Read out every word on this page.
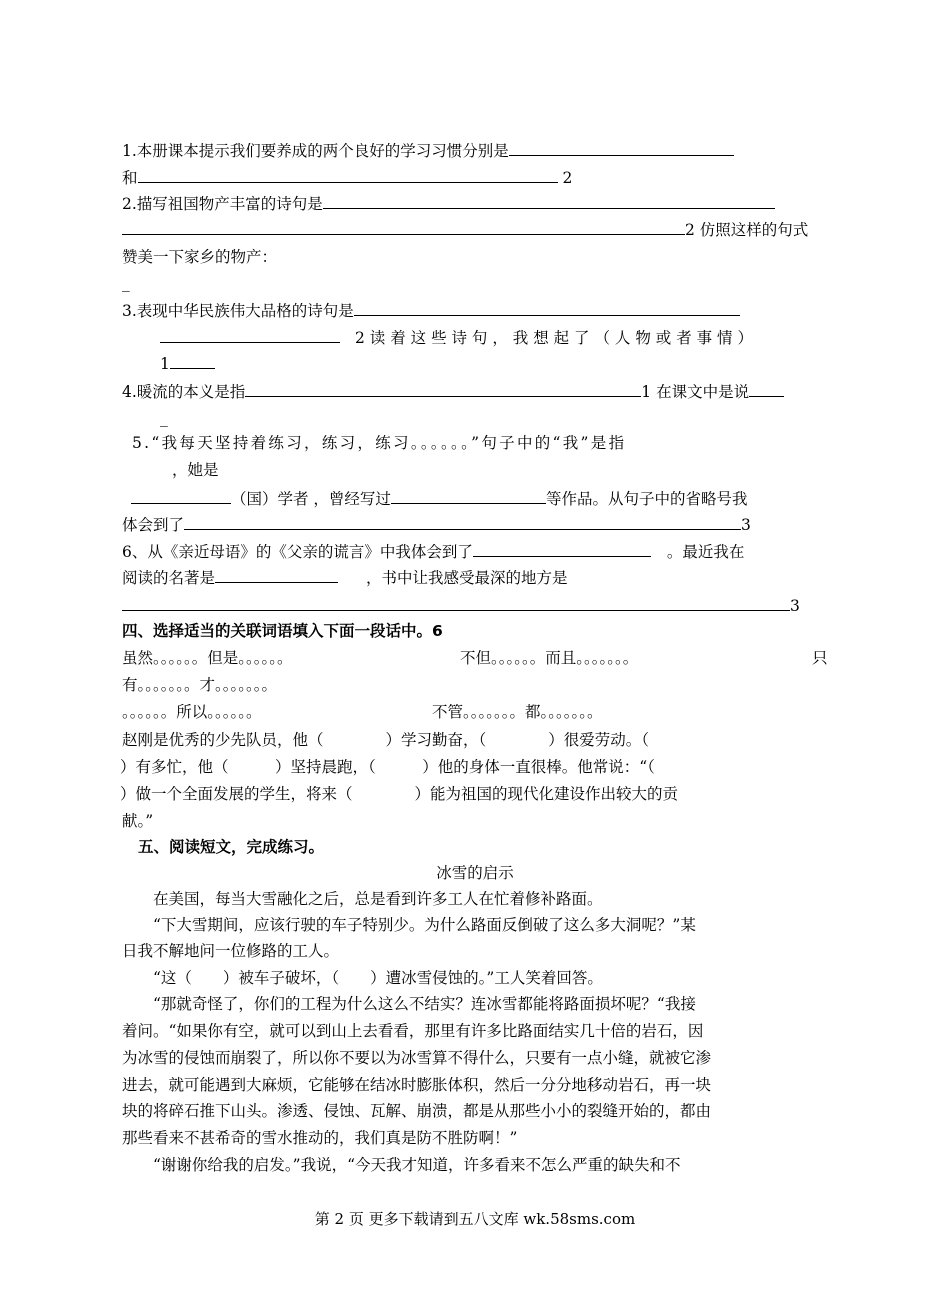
1.本册课本提示我们要养成的两个良好的学习习惯分别是
和	2
2.描写祖国物产丰富的诗句是
2 仿照这样的句式
赞美一下家乡的物产：
_
3.表现中华民族伟大品格的诗句是
2 读 着 这 些 诗 句 ， 我 想 起 了 （ 人 物 或 者 事 情 ）
1
4.暖流的本义是指	1 在课文中是说
_
5.“我每天坚持着练习，练习，练习。。。。。。”句子中的“我”是指
，她是
（国）学者 ，曾经写过	等作品。从句子中的省略号我
体会到了	3
6、从《亲近母语》的《父亲的谎言》中我体会到了	。最近我在
阅读的名著是	，书中让我感受最深的地方是
3
四、选择适当的关联词语填入下面一段话中。6
虽然。。。。。。但是。。。。。。	不但。。。。。。而且。。。。。。。	只
有。。。。。。。才。。。。。。。
。。。。。。所以。。。。。。	不管。。。。。。。都。。。。。。。
赵刚是优秀的少先队员，他（　　　　）学习勤奋，（　　　　）很爱劳动。（
）有多忙，他（　　　）坚持晨跑，（　　　）他的身体一直很棒。他常说：“（
）做一个全面发展的学生，将来（　　　　）能为祖国的现代化建设作出较大的贡
献。”
五、阅读短文，完成练习。
冰雪的启示
在美国，每当大雪融化之后，总是看到许多工人在忙着修补路面。
“下大雪期间，应该行驶的车子特别少。为什么路面反倒破了这么多大洞呢？”某
日我不解地问一位修路的工人。
“这（　　）被车子破坏，（　　）遭冰雪侵蚀的。”工人笑着回答。
“那就奇怪了，你们的工程为什么这么不结实？连冰雪都能将路面损坏呢？“我接
着问。“如果你有空，就可以到山上去看看，那里有许多比路面结实几十倍的岩石，因
为冰雪的侵蚀而崩裂了，所以你不要以为冰雪算不得什么，只要有一点小缝，就被它渗
进去，就可能遇到大麻烦，它能够在结冰时膨胀体积，然后一分分地移动岩石，再一块
块的将碎石推下山头。渗透、侵蚀、瓦解、崩溃，都是从那些小小的裂缝开始的，都由
那些看来不甚希奇的雪水推动的，我们真是防不胜防啊！”
“谢谢你给我的启发。”我说，“今天我才知道，许多看来不怎么严重的缺失和不
第 2 页 更多下载请到五八文库 wk.58sms.com
